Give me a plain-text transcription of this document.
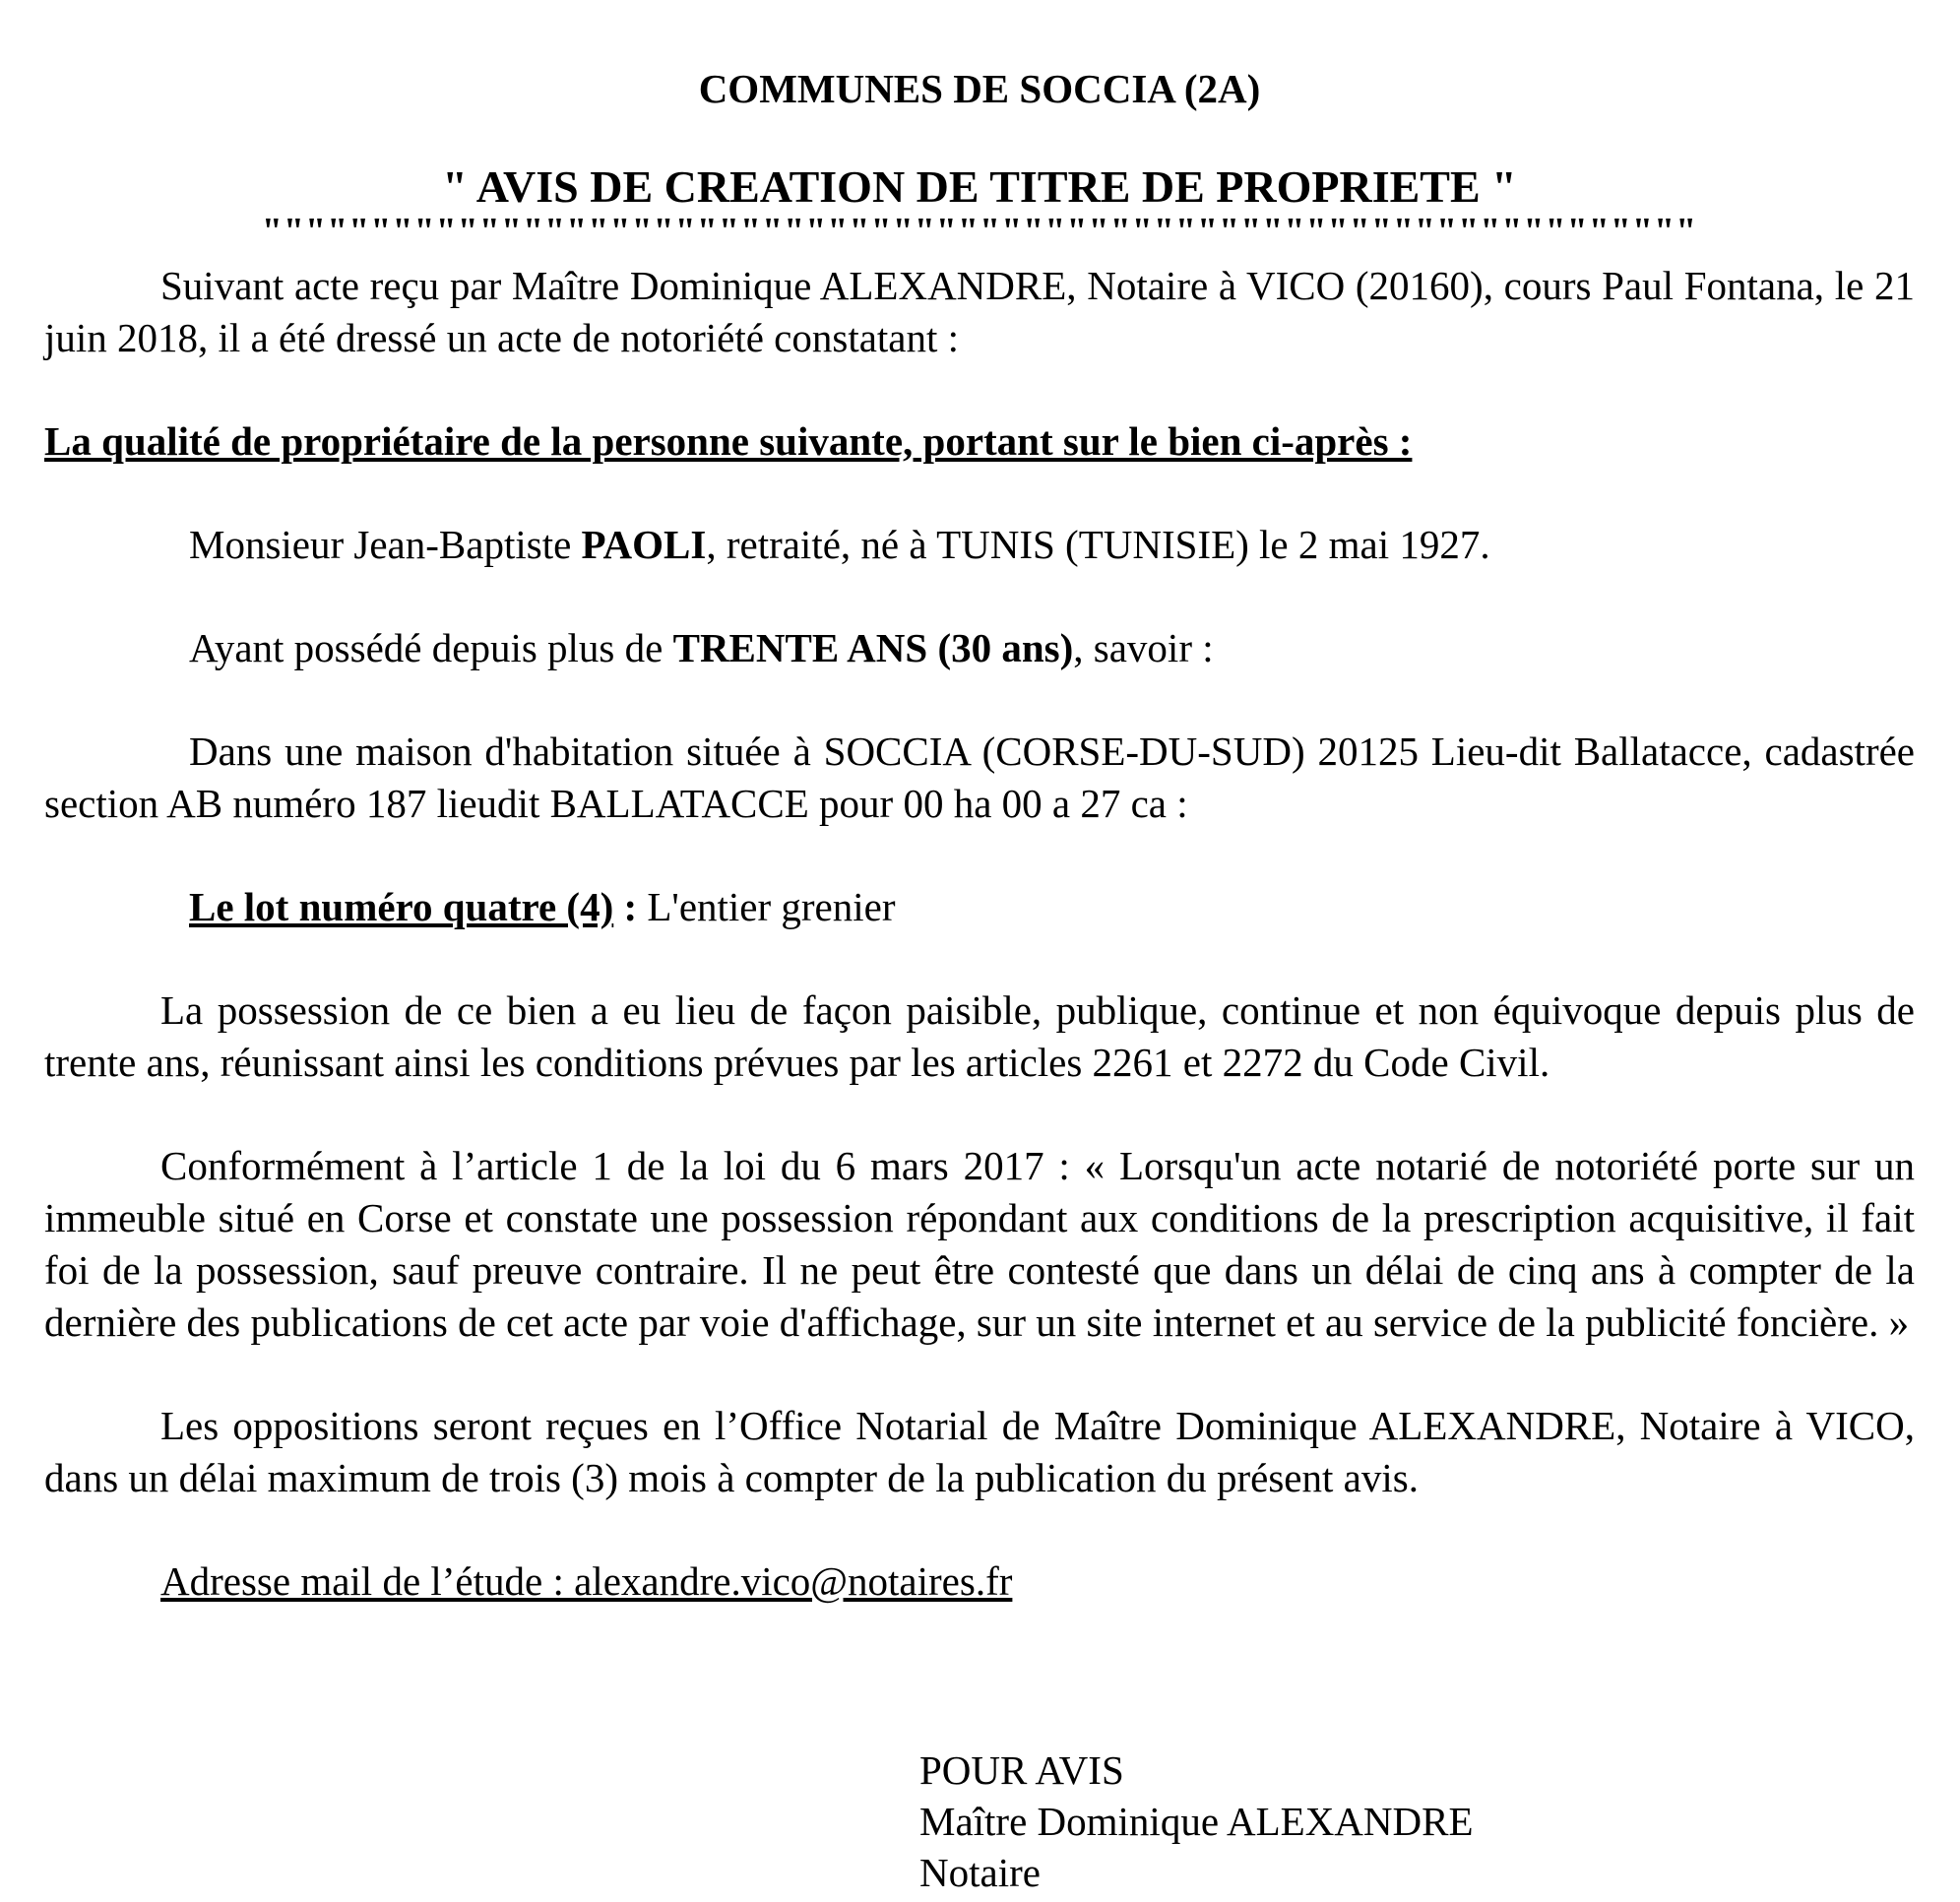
COMMUNES DE SOCCIA (2A)

" AVIS DE CREATION DE TITRE DE PROPRIETE "

""""""""""""""""""""""""""""""""""""""""""""""""""""""""""""""""""

Suivant acte reçu par Maître Dominique ALEXANDRE, Notaire à VICO (20160), cours Paul Fontana, le 21 juin 2018, il a été dressé un acte de notoriété constatant :

La qualité de propriétaire de la personne suivante, portant sur le bien ci-après :

Monsieur Jean-Baptiste PAOLI, retraité, né à TUNIS (TUNISIE) le 2 mai 1927.

Ayant possédé depuis plus de TRENTE ANS (30 ans), savoir :

Dans une maison d'habitation située à SOCCIA (CORSE-DU-SUD) 20125 Lieu-dit Ballatacce, cadastrée section AB numéro 187 lieudit BALLATACCE pour 00 ha 00 a 27 ca :

Le lot numéro quatre (4) : L'entier grenier

La possession de ce bien a eu lieu de façon paisible, publique, continue et non équivoque depuis plus de trente ans, réunissant ainsi les conditions prévues par les articles 2261 et 2272 du Code Civil.

Conformément à l’article 1 de la loi du 6 mars 2017 : « Lorsqu'un acte notarié de notoriété porte sur un immeuble situé en Corse et constate une possession répondant aux conditions de la prescription acquisitive, il fait foi de la possession, sauf preuve contraire. Il ne peut être contesté que dans un délai de cinq ans à compter de la dernière des publications de cet acte par voie d'affichage, sur un site internet et au service de la publicité foncière. »

Les oppositions seront reçues en l’Office Notarial de Maître Dominique ALEXANDRE, Notaire à VICO, dans un délai maximum de trois (3) mois à compter de la publication du présent avis.

Adresse mail de l’étude : alexandre.vico@notaires.fr

POUR AVIS
Maître Dominique ALEXANDRE
Notaire
